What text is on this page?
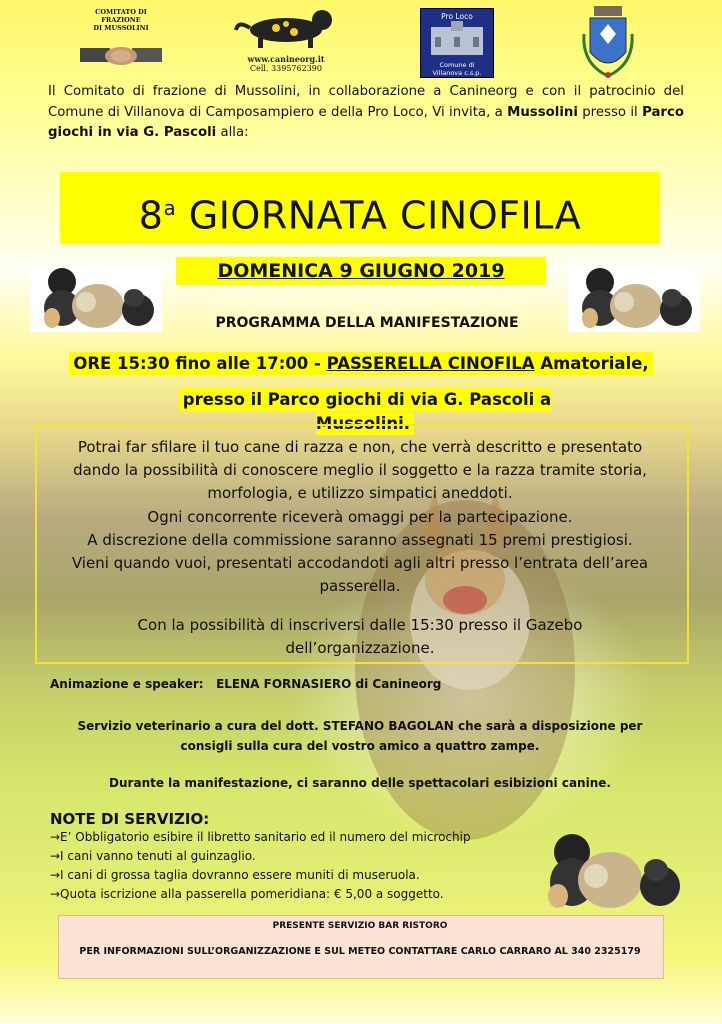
COMITATO DI FRAZIONE
DI MUSSOLINI
www.canineorg.it
Cell. 3395762390
Pro Loco
Comune di
Villanova c.s.p.

Il Comitato di frazione di Mussolini, in collaborazione a Canineorg e con il patrocinio del Comune di Villanova di Camposampiero e della Pro Loco, Vi invita, a Mussolini presso il Parco giochi in via G. Pascoli alla:

8$^a$ GIORNATA CINOFILA
DOMENICA 9 GIUGNO 2019
PROGRAMMA DELLA MANIFESTAZIONE
ORE 15:30 fino alle 17:00 - PASSERELLA CINOFILA Amatoriale,
presso il Parco giochi di via G. Pascoli a Mussolini.
Potrai far sfilare il tuo cane di razza e non, che verrà descritto e presentato
dando la possibilità di conoscere meglio il soggetto e la razza tramite storia,
morfologia, e utilizzo simpatici aneddoti.
Ogni concorrente riceverà omaggi per la partecipazione.
A discrezione della commissione saranno assegnati 15 premi prestigiosi.
Vieni quando vuoi, presentati accodandoti agli altri presso l’entrata dell’area
passerella.
Con la possibilità di inscriversi dalle 15:30 presso il Gazebo
dell’organizzazione.
Animazione e speaker:   ELENA FORNASIERO di Canineorg
Servizio veterinario a cura del dott. STEFANO BAGOLAN che sarà a disposizione per
consigli sulla cura del vostro amico a quattro zampe.
Durante la manifestazione, ci saranno delle spettacolari esibizioni canine.
NOTE DI SERVIZIO:
→E’ Obbligatorio esibire il libretto sanitario ed il numero del microchip
→I cani vanno tenuti al guinzaglio.
→I cani di grossa taglia dovranno essere muniti di museruola.
→Quota iscrizione alla passerella pomeridiana: € 5,00 a soggetto.
PRESENTE SERVIZIO BAR RISTORO
PER INFORMAZIONI SULL’ORGANIZZAZIONE E SUL METEO CONTATTARE CARLO CARRARO AL 340 2325179
